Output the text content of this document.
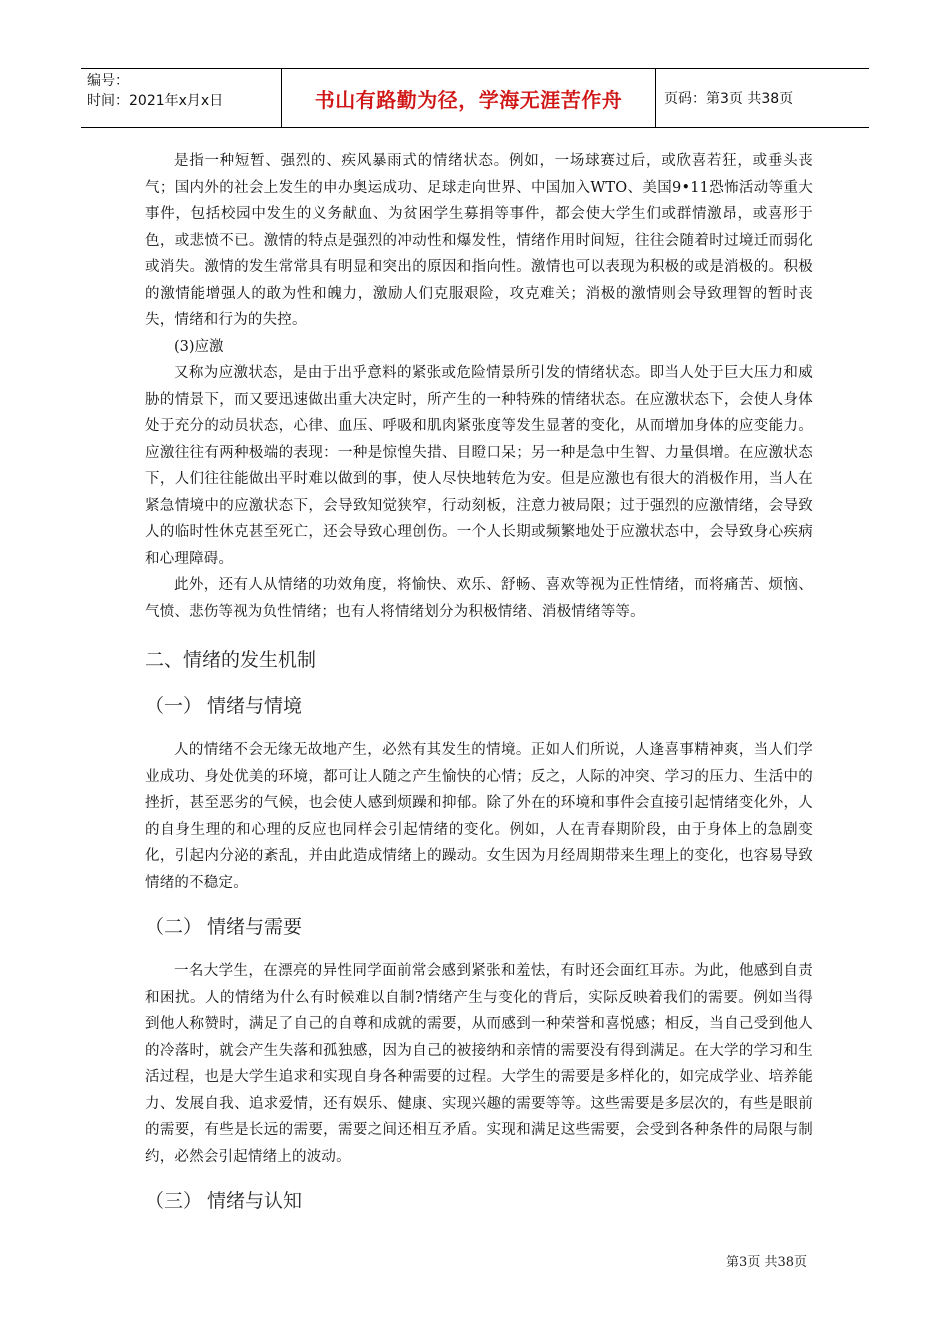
编号：
时间：2021年x月x日	书山有路勤为径，学海无涯苦作舟	页码：第3页 共38页

是指一种短暂、强烈的、疾风暴雨式的情绪状态。例如，一场球赛过后，或欣喜若狂，或垂头丧气；国内外的社会上发生的申办奥运成功、足球走向世界、中国加入WTO、美国9•11恐怖活动等重大事件，包括校园中发生的义务献血、为贫困学生募捐等事件，都会使大学生们或群情激昂，或喜形于色，或悲愤不已。激情的特点是强烈的冲动性和爆发性，情绪作用时间短，往往会随着时过境迁而弱化或消失。激情的发生常常具有明显和突出的原因和指向性。激情也可以表现为积极的或是消极的。积极的激情能增强人的敢为性和魄力，激励人们克服艰险，攻克难关；消极的激情则会导致理智的暂时丧失，情绪和行为的失控。

(3)应激

又称为应激状态，是由于出乎意料的紧张或危险情景所引发的情绪状态。即当人处于巨大压力和威胁的情景下，而又要迅速做出重大决定时，所产生的一种特殊的情绪状态。在应激状态下，会使人身体处于充分的动员状态，心律、血压、呼吸和肌肉紧张度等发生显著的变化，从而增加身体的应变能力。应激往往有两种极端的表现：一种是惊惶失措、目瞪口呆；另一种是急中生智、力量倶增。在应激状态下，人们往往能做出平时难以做到的事，使人尽快地转危为安。但是应激也有很大的消极作用，当人在紧急情境中的应激状态下，会导致知觉狭窄，行动刻板，注意力被局限；过于强烈的应激情绪，会导致人的临时性休克甚至死亡，还会导致心理创伤。一个人长期或频繁地处于应激状态中，会导致身心疾病和心理障碍。

此外，还有人从情绪的功效角度，将愉快、欢乐、舒畅、喜欢等视为正性情绪，而将痛苦、烦恼、气愤、悲伤等视为负性情绪；也有人将情绪划分为积极情绪、消极情绪等等。

二、情绪的发生机制
（一） 情绪与情境

人的情绪不会无缘无故地产生，必然有其发生的情境。正如人们所说，人逢喜事精神爽，当人们学业成功、身处优美的环境，都可让人随之产生愉快的心情；反之，人际的冲突、学习的压力、生活中的挫折，甚至恶劣的气候，也会使人感到烦躁和抑郁。除了外在的环境和事件会直接引起情绪变化外，人的自身生理的和心理的反应也同样会引起情绪的变化。例如，人在青春期阶段，由于身体上的急剧变化，引起内分泌的紊乱，并由此造成情绪上的躁动。女生因为月经周期带来生理上的变化，也容易导致情绪的不稳定。

（二） 情绪与需要

一名大学生，在漂亮的异性同学面前常会感到紧张和羞怯，有时还会面红耳赤。为此，他感到自责和困扰。人的情绪为什么有时候难以自制?情绪产生与变化的背后，实际反映着我们的需要。例如当得到他人称赞时，满足了自己的自尊和成就的需要，从而感到一种荣誉和喜悦感；相反，当自己受到他人的冷落时，就会产生失落和孤独感，因为自己的被接纳和亲情的需要没有得到满足。在大学的学习和生活过程，也是大学生追求和实现自身各种需要的过程。大学生的需要是多样化的，如完成学业、培养能力、发展自我、追求爱情，还有娱乐、健康、实现兴趣的需要等等。这些需要是多层次的，有些是眼前的需要，有些是长远的需要，需要之间还相互矛盾。实现和满足这些需要，会受到各种条件的局限与制约，必然会引起情绪上的波动。

（三） 情绪与认知
第3页 共38页
